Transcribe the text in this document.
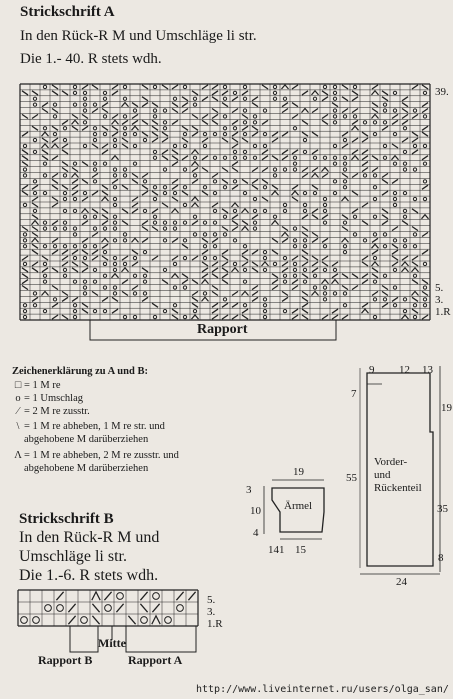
Strickschrift A
In den Rück-R M und Umschläge li str.
Die 1.- 40. R stets wdh.
39.
5.
3.
1.R
Rapport
Zeichenerklärung zu A und B:
□ = 1 M re
o = 1 Umschlag
⁄ = 2 M re zusstr.
\ = 1 M re abheben, 1 M re str. und
abgehobene M darüberziehen
Λ = 1 M re abheben, 2 M re zusstr. und
abgehobene M darüberziehen
9 12 13
7
19
55
Vorder-
und
Rückenteil
35
8
24
19
3
10
4
Ärmel
141 15
Strickschrift B
In den Rück-R M und
Umschläge li str.
Die 1.-6. R stets wdh.
5.
3.
1.R
Mitte
Rapport B	Rapport A
http://www.liveinternet.ru/users/olga_san/
